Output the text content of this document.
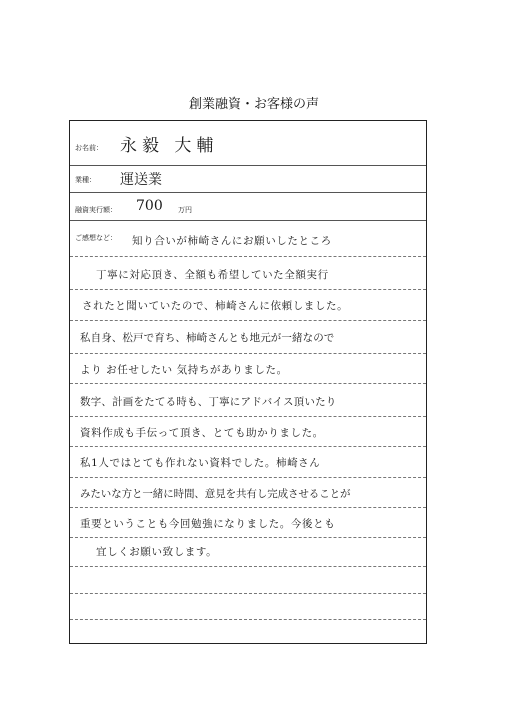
創業融資・お客様の声
お名前： 永毅 大輔
業種： 運送業
融資実行額： 700 万円
ご感想など： 知り合いが柿崎さんにお願いしたところ
丁寧に対応頂き、全額も希望していた全額実行
されたと聞いていたので、柿崎さんに依頼しました。
私自身、松戸で育ち、柿崎さんとも地元が一緒なので
より お任せしたい 気持ちがありました。
数字、計画をたてる時も、丁寧にアドバイス頂いたり
資料作成も手伝って頂き、とても助かりました。
私1人ではとても作れない資料でした。柿崎さん
みたいな方と一緒に時間、意見を共有し完成させることが
重要ということも今回勉強になりました。今後とも
宜しくお願い致します。
